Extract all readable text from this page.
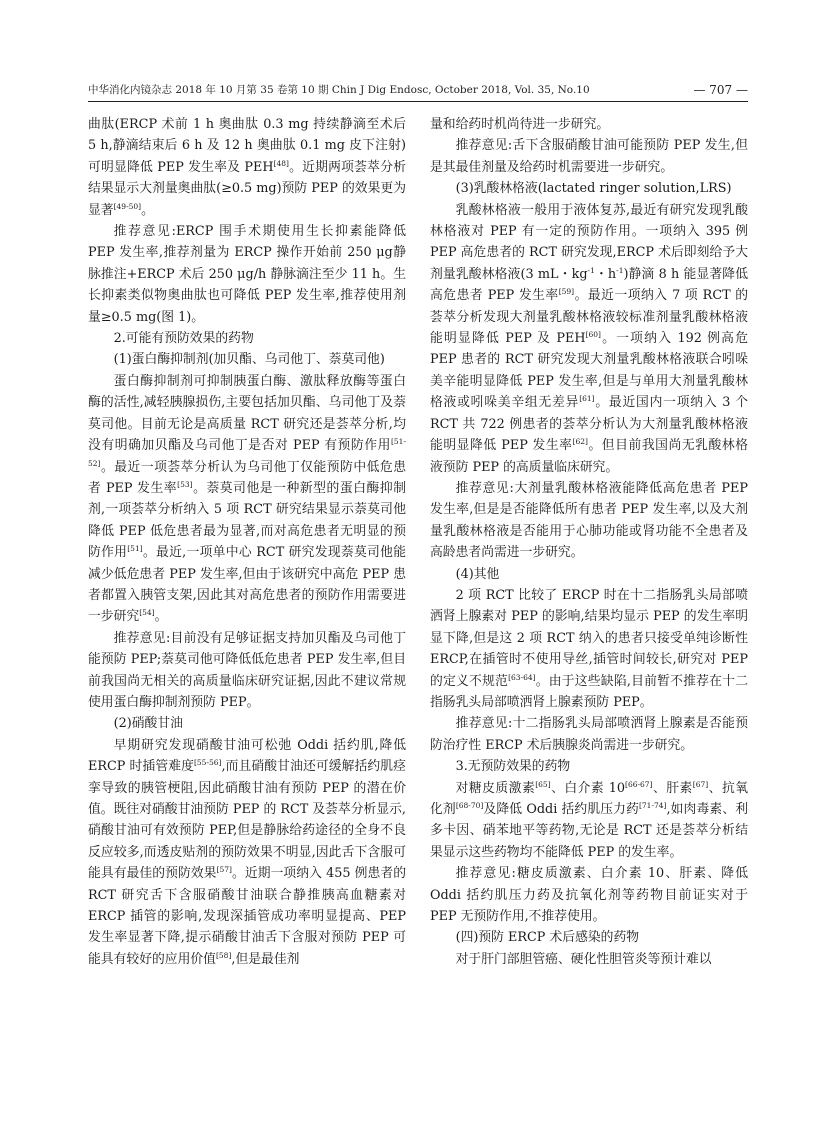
中华消化内镜杂志 2018 年 10 月第 35 卷第 10 期 Chin J Dig Endosc, October 2018, Vol. 35, No.10	— 707 —

曲肽(ERCP 术前 1 h 奥曲肽 0.3 mg 持续静滴至术后 5 h,静滴结束后 6 h 及 12 h 奥曲肽 0.1 mg 皮下注射)可明显降低 PEP 发生率及 PEH[48]。近期两项荟萃分析结果显示大剂量奥曲肽(≥0.5 mg)预防 PEP 的效果更为显著[49-50]。

推荐意见:ERCP 围手术期使用生长抑素能降低 PEP 发生率,推荐剂量为 ERCP 操作开始前 250 μg静脉推注+ERCP 术后 250 μg/h 静脉滴注至少 11 h。生长抑素类似物奥曲肽也可降低 PEP 发生率,推荐使用剂量≥0.5 mg(图 1)。

2.可能有预防效果的药物

(1)蛋白酶抑制剂(加贝酯、乌司他丁、萘莫司他)

蛋白酶抑制剂可抑制胰蛋白酶、激肽释放酶等蛋白酶的活性,减轻胰腺损伤,主要包括加贝酯、乌司他丁及萘莫司他。目前无论是高质量 RCT 研究还是荟萃分析,均没有明确加贝酯及乌司他丁是否对 PEP 有预防作用[51-52]。最近一项荟萃分析认为乌司他丁仅能预防中低危患者 PEP 发生率[53]。萘莫司他是一种新型的蛋白酶抑制剂,一项荟萃分析纳入 5 项 RCT 研究结果显示萘莫司他降低 PEP 低危患者最为显著,而对高危患者无明显的预防作用[51]。最近,一项单中心 RCT 研究发现萘莫司他能减少低危患者 PEP 发生率,但由于该研究中高危 PEP 患者都置入胰管支架,因此其对高危患者的预防作用需要进一步研究[54]。

推荐意见:目前没有足够证据支持加贝酯及乌司他丁能预防 PEP;萘莫司他可降低低危患者 PEP 发生率,但目前我国尚无相关的高质量临床研究证据,因此不建议常规使用蛋白酶抑制剂预防 PEP。

(2)硝酸甘油

早期研究发现硝酸甘油可松弛 Oddi 括约肌,降低 ERCP 时插管难度[55-56],而且硝酸甘油还可缓解括约肌痉挛导致的胰管梗阻,因此硝酸甘油有预防 PEP 的潜在价值。既往对硝酸甘油预防 PEP 的 RCT 及荟萃分析显示,硝酸甘油可有效预防 PEP,但是静脉给药途径的全身不良反应较多,而透皮贴剂的预防效果不明显,因此舌下含服可能具有最佳的预防效果[57]。近期一项纳入 455 例患者的 RCT 研究舌下含服硝酸甘油联合静推胰高血糖素对 ERCP 插管的影响,发现深插管成功率明显提高、PEP 发生率显著下降,提示硝酸甘油舌下含服对预防 PEP 可能具有较好的应用价值[58],但是最佳剂

量和给药时机尚待进一步研究。

推荐意见:舌下含服硝酸甘油可能预防 PEP 发生,但是其最佳剂量及给药时机需要进一步研究。

(3)乳酸林格液(lactated ringer solution,LRS)

乳酸林格液一般用于液体复苏,最近有研究发现乳酸林格液对 PEP 有一定的预防作用。一项纳入 395 例 PEP 高危患者的 RCT 研究发现,ERCP 术后即刻给予大剂量乳酸林格液(3 mL・$kg^{-1}$・$h^{-1}$)静滴 8 h 能显著降低高危患者 PEP 发生率[59]。最近一项纳入 7 项 RCT 的荟萃分析发现大剂量乳酸林格液较标准剂量乳酸林格液能明显降低 PEP 及 PEH[60]。一项纳入 192 例高危 PEP 患者的 RCT 研究发现大剂量乳酸林格液联合吲哚美辛能明显降低 PEP 发生率,但是与单用大剂量乳酸林格液或吲哚美辛组无差异[61]。最近国内一项纳入 3 个 RCT 共 722 例患者的荟萃分析认为大剂量乳酸林格液能明显降低 PEP 发生率[62]。但目前我国尚无乳酸林格液预防 PEP 的高质量临床研究。

推荐意见:大剂量乳酸林格液能降低高危患者 PEP 发生率,但是是否能降低所有患者 PEP 发生率,以及大剂量乳酸林格液是否能用于心肺功能或肾功能不全患者及高龄患者尚需进一步研究。

(4)其他

2 项 RCT 比较了 ERCP 时在十二指肠乳头局部喷洒肾上腺素对 PEP 的影响,结果均显示 PEP 的发生率明显下降,但是这 2 项 RCT 纳入的患者只接受单纯诊断性 ERCP,在插管时不使用导丝,插管时间较长,研究对 PEP 的定义不规范[63-64]。由于这些缺陷,目前暂不推荐在十二指肠乳头局部喷洒肾上腺素预防 PEP。

推荐意见:十二指肠乳头局部喷洒肾上腺素是否能预防治疗性 ERCP 术后胰腺炎尚需进一步研究。

3.无预防效果的药物

对糖皮质激素[65]、白介素 10[66-67]、肝素[67]、抗氧化剂[68-70]及降低 Oddi 括约肌压力药[71-74],如肉毒素、利多卡因、硝苯地平等药物,无论是 RCT 还是荟萃分析结果显示这些药物均不能降低 PEP 的发生率。

推荐意见:糖皮质激素、白介素 10、肝素、降低 Oddi 括约肌压力药及抗氧化剂等药物目前证实对于 PEP 无预防作用,不推荐使用。

(四)预防 ERCP 术后感染的药物

对于肝门部胆管癌、硬化性胆管炎等预计难以
